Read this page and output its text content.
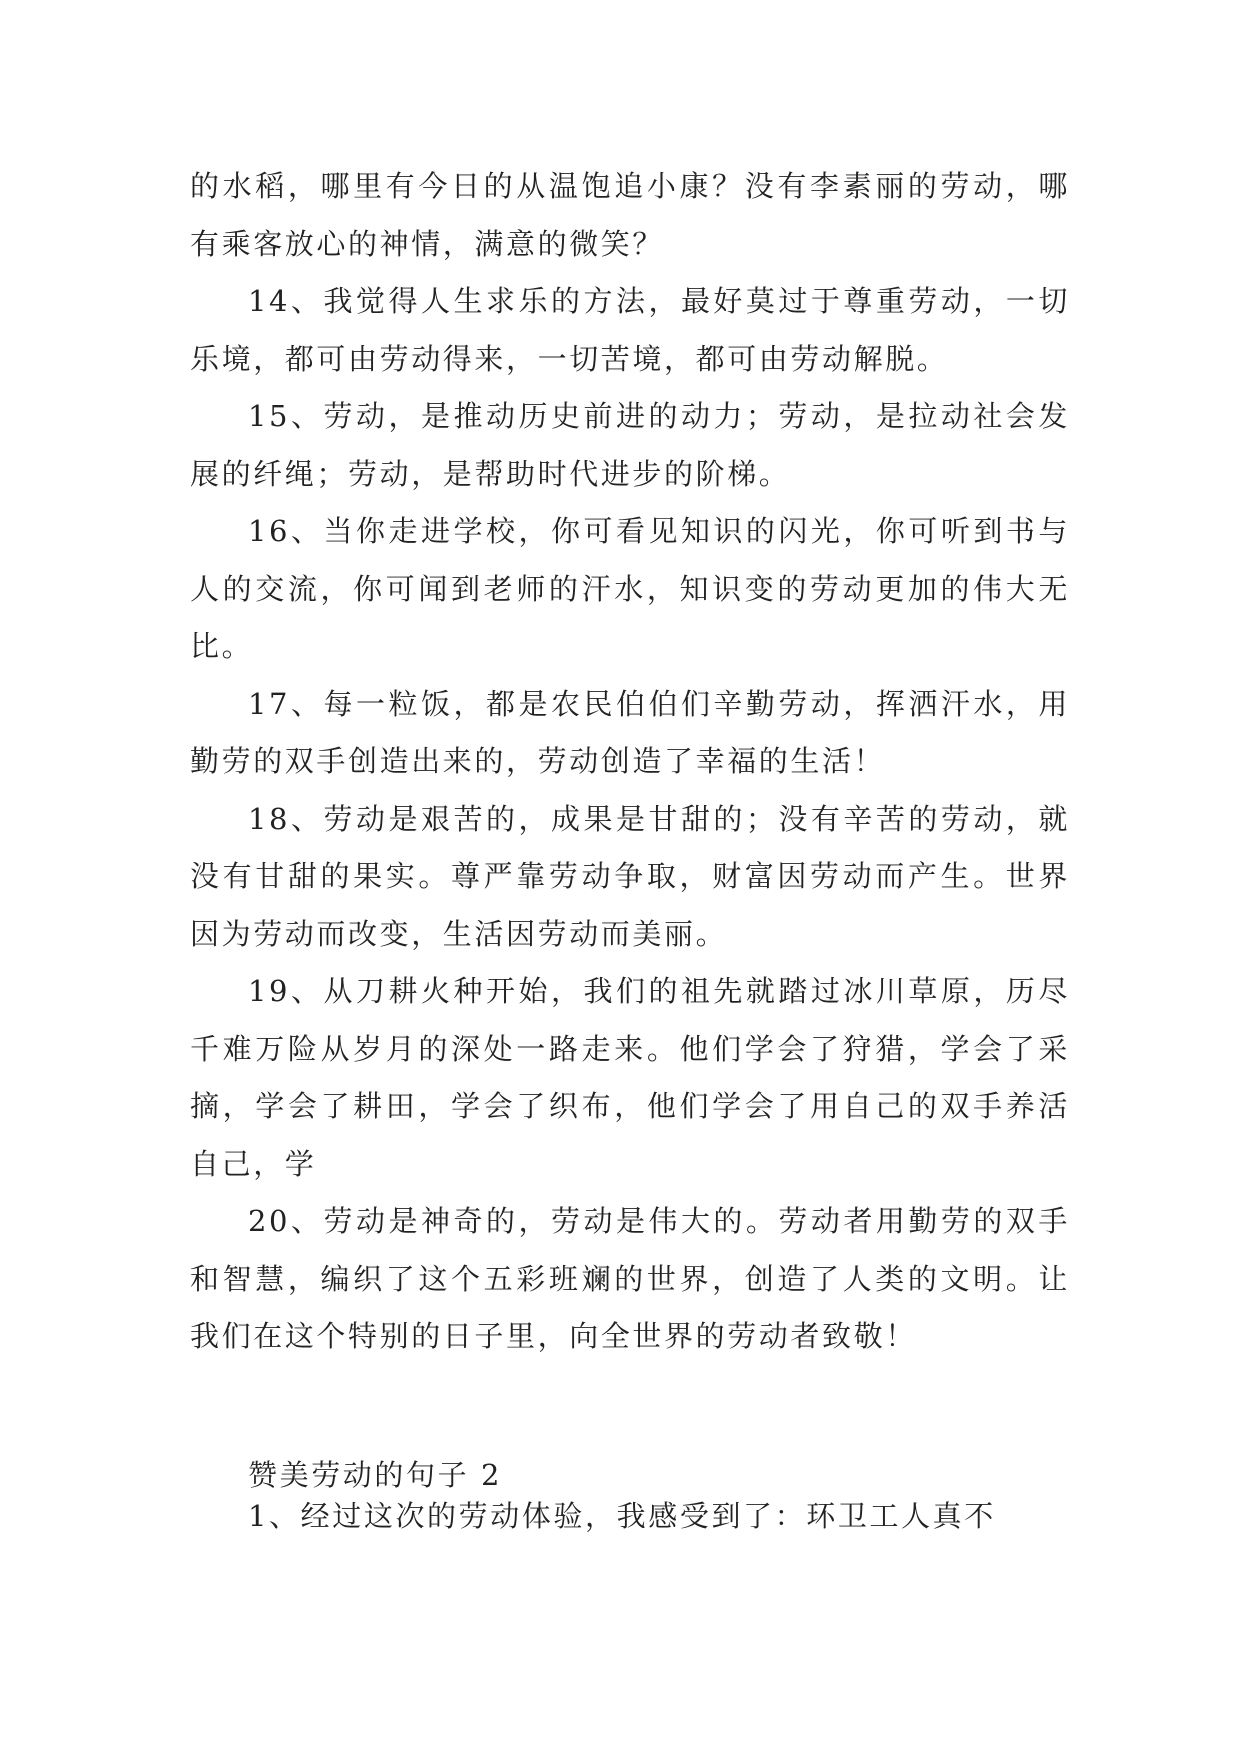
的水稻，哪里有今日的从温饱追小康？没有李素丽的劳动，哪有乘客放心的神情，满意的微笑？

14、我觉得人生求乐的方法，最好莫过于尊重劳动，一切乐境，都可由劳动得来，一切苦境，都可由劳动解脱。

15、劳动，是推动历史前进的动力；劳动，是拉动社会发展的纤绳；劳动，是帮助时代进步的阶梯。

16、当你走进学校，你可看见知识的闪光，你可听到书与人的交流，你可闻到老师的汗水，知识变的劳动更加的伟大无比。

17、每一粒饭，都是农民伯伯们辛勤劳动，挥洒汗水，用勤劳的双手创造出来的，劳动创造了幸福的生活！

18、劳动是艰苦的，成果是甘甜的；没有辛苦的劳动，就没有甘甜的果实。尊严靠劳动争取，财富因劳动而产生。世界因为劳动而改变，生活因劳动而美丽。

19、从刀耕火种开始，我们的祖先就踏过冰川草原，历尽千难万险从岁月的深处一路走来。他们学会了狩猎，学会了采摘，学会了耕田，学会了织布，他们学会了用自己的双手养活自己，学

20、劳动是神奇的，劳动是伟大的。劳动者用勤劳的双手和智慧，编织了这个五彩班斓的世界，创造了人类的文明。让我们在这个特别的日子里，向全世界的劳动者致敬！

赞美劳动的句子 2

1、经过这次的劳动体验，我感受到了：环卫工人真不
